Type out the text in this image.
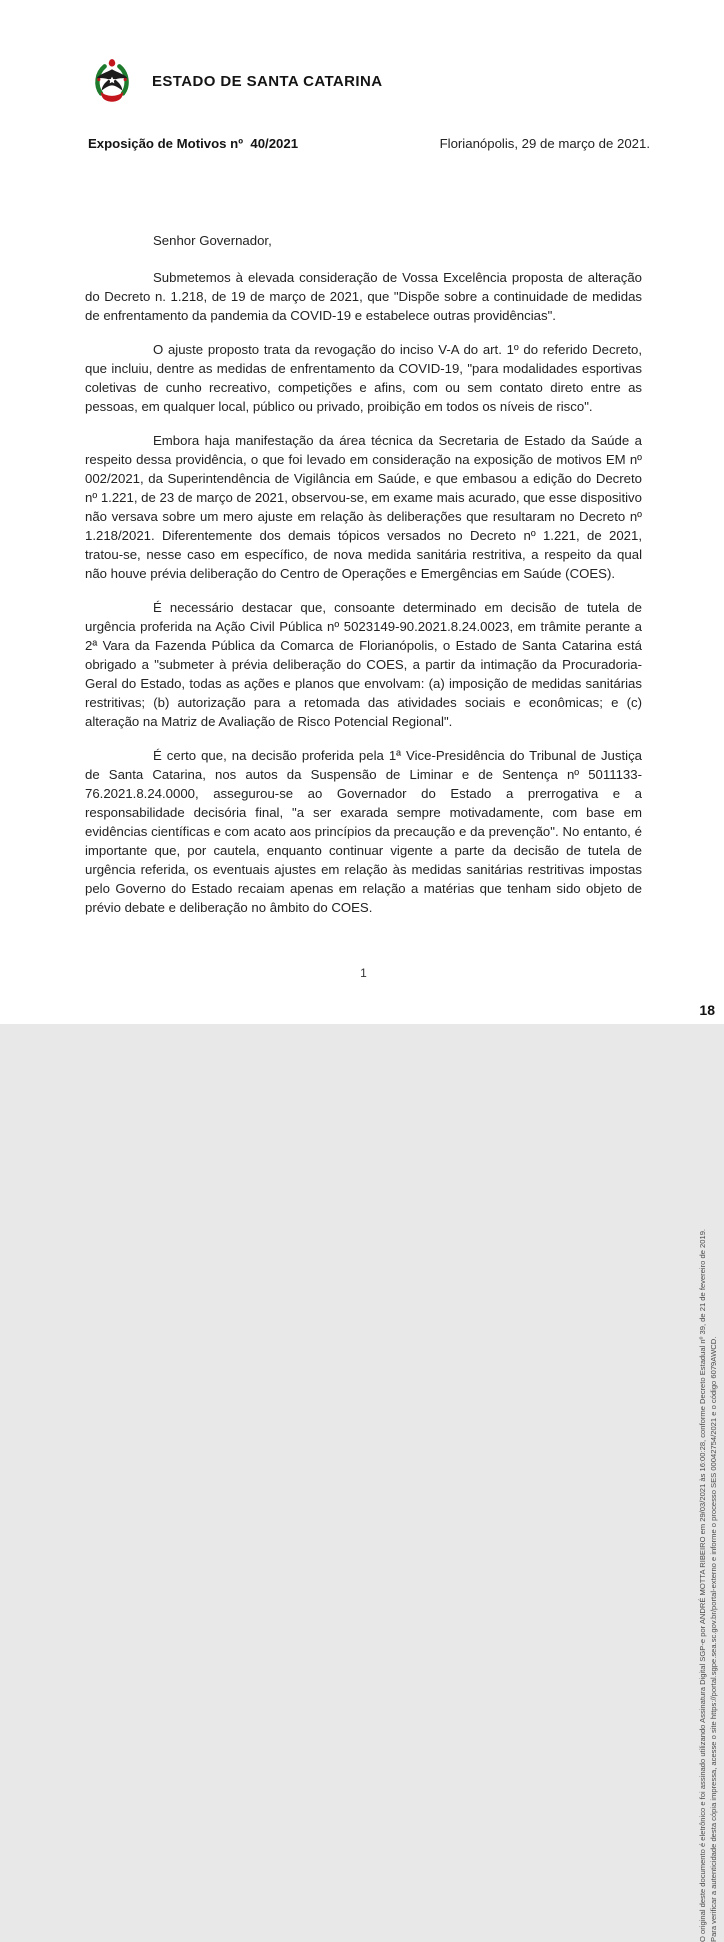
ESTADO DE SANTA CATARINA
Exposição de Motivos nº  40/2021	Florianópolis, 29 de março de 2021.

Senhor Governador,

Submetemos à elevada consideração de Vossa Excelência proposta de alteração do Decreto n. 1.218, de 19 de março de 2021, que "Dispõe sobre a continuidade de medidas de enfrentamento da pandemia da COVID-19 e estabelece outras providências".

O ajuste proposto trata da revogação do inciso V-A do art. 1º do referido Decreto, que incluiu, dentre as medidas de enfrentamento da COVID-19, "para modalidades esportivas coletivas de cunho recreativo, competições e afins, com ou sem contato direto entre as pessoas, em qualquer local, público ou privado, proibição em todos os níveis de risco".

Embora haja manifestação da área técnica da Secretaria de Estado da Saúde a respeito dessa providência, o que foi levado em consideração na exposição de motivos EM nº 002/2021, da Superintendência de Vigilância em Saúde, e que embasou a edição do Decreto nº 1.221, de 23 de março de 2021, observou-se, em exame mais acurado, que esse dispositivo não versava sobre um mero ajuste em relação às deliberações que resultaram no Decreto nº 1.218/2021. Diferentemente dos demais tópicos versados no Decreto nº 1.221, de 2021, tratou-se, nesse caso em específico, de nova medida sanitária restritiva, a respeito da qual não houve prévia deliberação do Centro de Operações e Emergências em Saúde (COES).

É necessário destacar que, consoante determinado em decisão de tutela de urgência proferida na Ação Civil Pública nº 5023149-90.2021.8.24.0023, em trâmite perante a 2ª Vara da Fazenda Pública da Comarca de Florianópolis, o Estado de Santa Catarina está obrigado a "submeter à prévia deliberação do COES, a partir da intimação da Procuradoria-Geral do Estado, todas as ações e planos que envolvam: (a) imposição de medidas sanitárias restritivas; (b) autorização para a retomada das atividades sociais e econômicas; e (c) alteração na Matriz de Avaliação de Risco Potencial Regional".

É certo que, na decisão proferida pela 1ª Vice-Presidência do Tribunal de Justiça de Santa Catarina, nos autos da Suspensão de Liminar e de Sentença nº 5011133-76.2021.8.24.0000, assegurou-se ao Governador do Estado a prerrogativa e a responsabilidade decisória final, "a ser exarada sempre motivadamente, com base em evidências científicas e com acato aos princípios da precaução e da prevenção". No entanto, é importante que, por cautela, enquanto continuar vigente a parte da decisão de tutela de urgência referida, os eventuais ajustes em relação às medidas sanitárias restritivas impostas pelo Governo do Estado recaiam apenas em relação a matérias que tenham sido objeto de prévio debate e deliberação no âmbito do COES.

1
O original deste documento é eletrônico e foi assinado utilizando Assinatura Digital SGP-e por ANDRÉ MOTTA RIBEIRO em 29/03/2021 às 16:00:28, conforme Decreto Estadual nº 39, de 21 de fevereiro de 2019. Para verificar a autenticidade desta cópia impressa, acesse o site https://portal.sgpe.sea.sc.gov.br/portal-externo e informe o processo SES 00042754/2021 e o código 6079AWCD.
18
